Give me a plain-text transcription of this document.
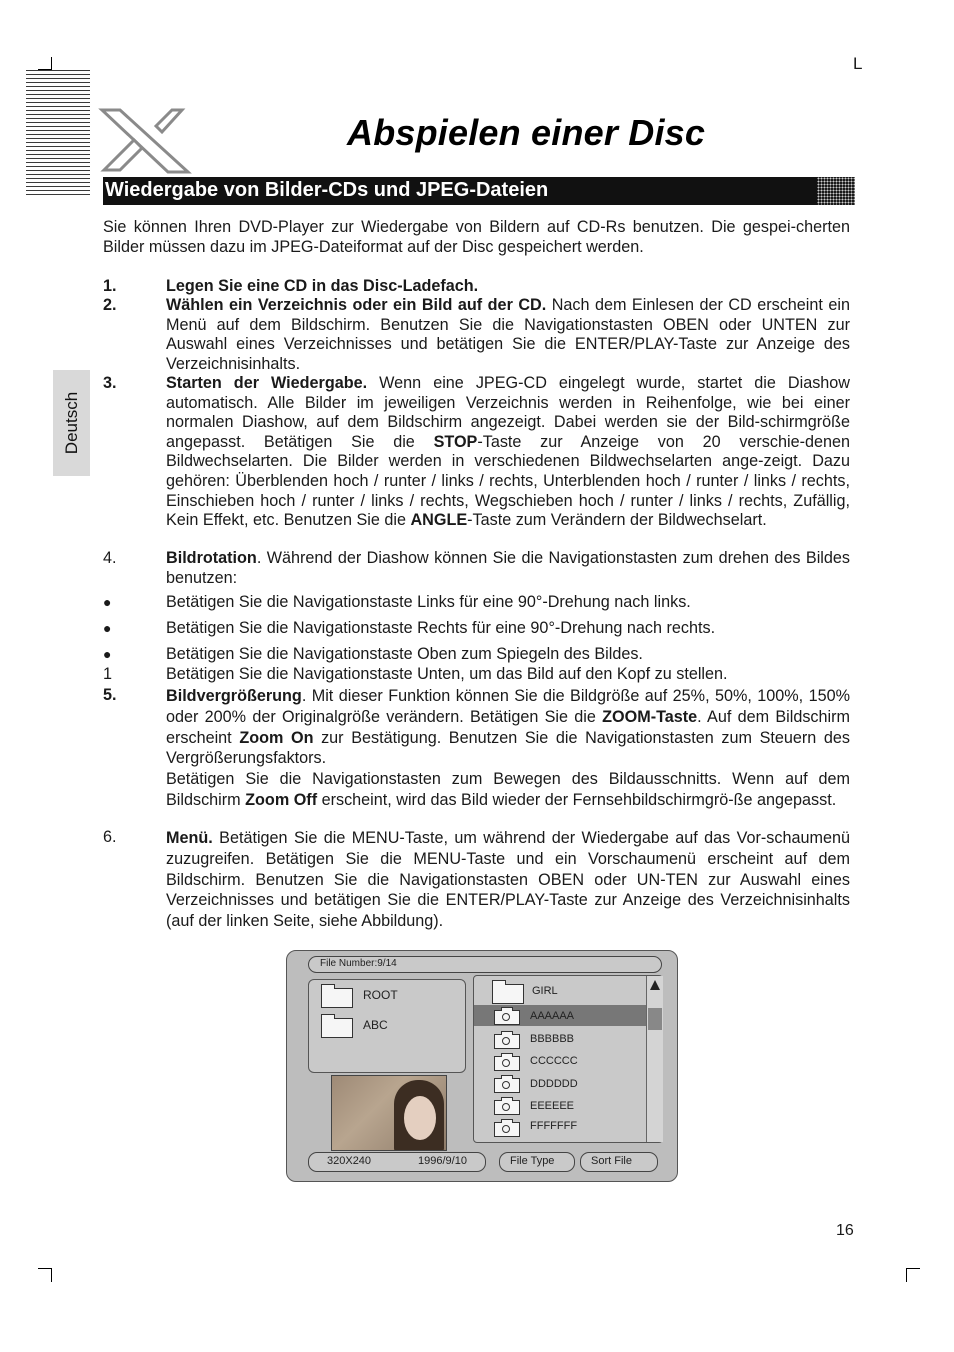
L
Abspielen einer Disc
Wiedergabe von Bilder-CDs und JPEG-Dateien
Sie können Ihren DVD-Player zur Wiedergabe von Bildern auf CD-Rs benutzen. Die gespei-cherten Bilder müssen dazu im JPEG-Dateiformat auf der Disc gespeichert werden.
1.	Legen Sie eine CD in das Disc-Ladefach.
2.	Wählen ein Verzeichnis oder ein Bild auf der CD. Nach dem Einlesen der CD erscheint ein Menü auf dem Bildschirm. Benutzen Sie die Navigationstasten OBEN oder UNTEN zur Auswahl eines Verzeichnisses und betätigen Sie die ENTER/PLAY-Taste zur Anzeige des Verzeichnisinhalts.
3.	Starten der Wiedergabe. Wenn eine JPEG-CD eingelegt wurde, startet die Diashow automatisch. Alle Bilder im jeweiligen Verzeichnis werden in Reihenfolge, wie bei einer normalen Diashow, auf dem Bildschirm angezeigt. Dabei werden sie der Bild-schirmgröße angepasst. Betätigen Sie die STOP-Taste zur Anzeige von 20 verschie-denen Bildwechselarten. Die Bilder werden in verschiedenen Bildwechselarten ange-zeigt. Dazu gehören: Überblenden hoch / runter / links / rechts, Unterblenden hoch / runter / links / rechts, Einschieben hoch / runter / links / rechts, Wegschieben hoch / runter / links / rechts, Zufällig, Kein Effekt, etc. Benutzen Sie die ANGLE-Taste zum Verändern der Bildwechselart.
4.	Bildrotation. Während der Diashow können Sie die Navigationstasten zum drehen des Bildes benutzen:
●	Betätigen Sie die Navigationstaste Links für eine 90°-Drehung nach links.
●	Betätigen Sie die Navigationstaste Rechts für eine 90°-Drehung nach rechts.
●	Betätigen Sie die Navigationstaste Oben zum Spiegeln des Bildes.
1	Betätigen Sie die Navigationstaste Unten, um das Bild auf den Kopf zu stellen.
5.	Bildvergrößerung. Mit dieser Funktion können Sie die Bildgröße auf 25%, 50%, 100%, 150% oder 200% der Originalgröße verändern. Betätigen Sie die ZOOM-Taste. Auf dem Bildschirm erscheint Zoom On zur Bestätigung. Benutzen Sie die Navigationstasten zum Steuern des Vergrößerungsfaktors.
Betätigen Sie die Navigationstasten zum Bewegen des Bildausschnitts. Wenn auf dem Bildschirm Zoom Off erscheint, wird das Bild wieder der Fernsehbildschirmgrö-ße angepasst.
6.	Menü. Betätigen Sie die MENU-Taste, um während der Wiedergabe auf das Vor-schaumenü zuzugreifen. Betätigen Sie die MENU-Taste und ein Vorschaumenü erscheint auf dem Bildschirm. Benutzen Sie die Navigationstasten OBEN oder UN-TEN zur Auswahl eines Verzeichnisses und betätigen Sie die ENTER/PLAY-Taste zur Anzeige des Verzeichnisinhalts (auf der linken Seite, siehe Abbildung).
Deutsch
File Number:9/14
ROOT
ABC
GIRL
AAAAAA
BBBBBB
CCCCCC
DDDDDD
EEEEEE
FFFFFFF
320X240	1996/9/10	File Type	Sort File
16
